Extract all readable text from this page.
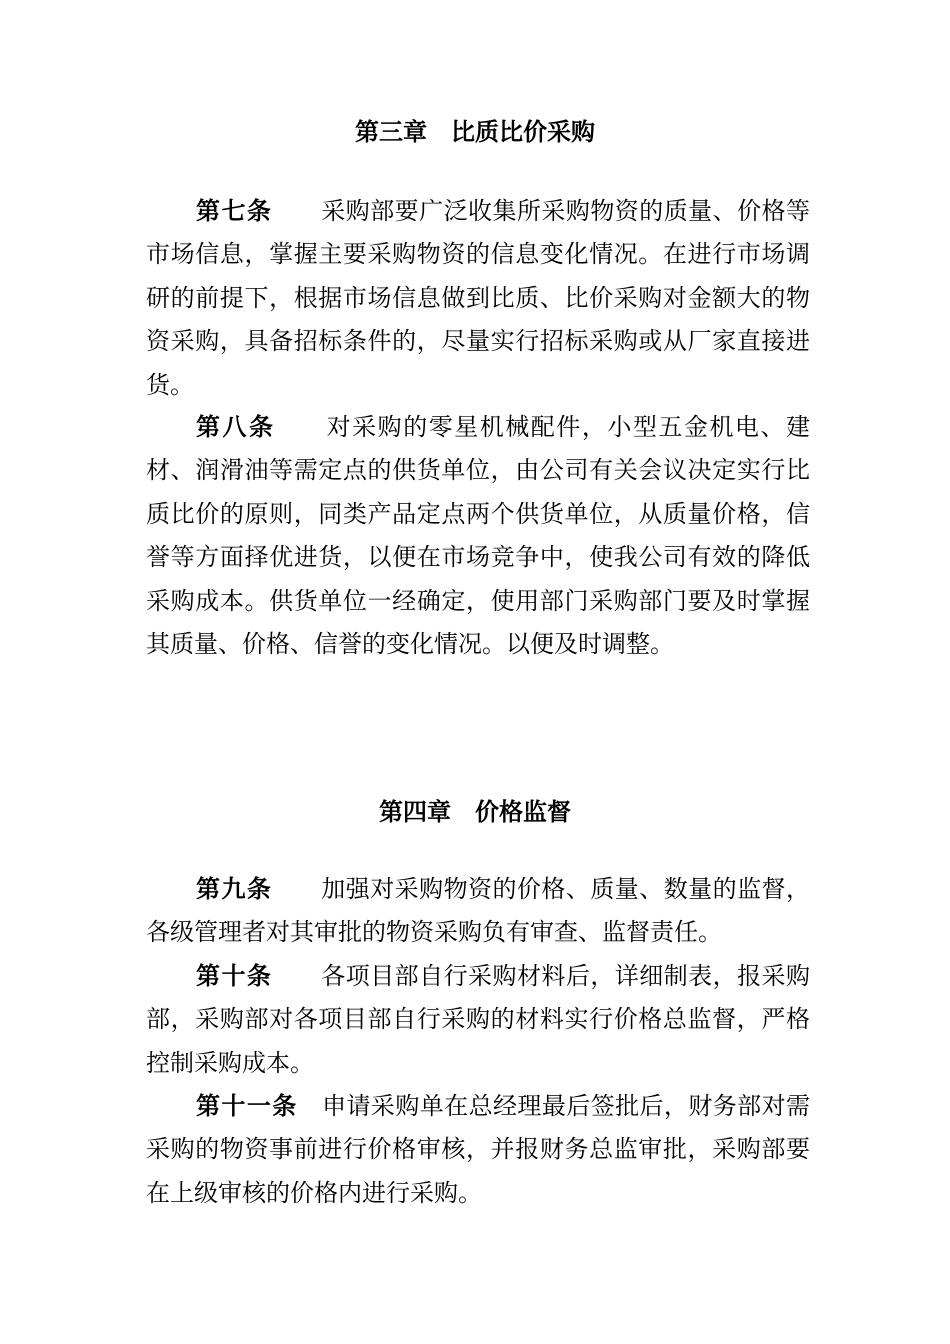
第三章　比质比价采购

第七条　　 采购部要广泛收集所采购物资的质量、价格等市场信息，掌握主要采购物资的信息变化情况。在进行市场调研的前提下，根据市场信息做到比质、比价采购对金额大的物资采购，具备招标条件的，尽量实行招标采购或从厂家直接进货。

第八条　　 对采购的零星机械配件，小型五金机电、建材、润滑油等需定点的供货单位，由公司有关会议决定实行比质比价的原则，同类产品定点两个供货单位，从质量价格，信誉等方面择优进货，以便在市场竞争中，使我公司有效的降低采购成本。供货单位一经确定，使用部门采购部门要及时掌握其质量、价格、信誉的变化情况。以便及时调整。

第四章　价格监督

第九条　　 加强对采购物资的价格、质量、数量的监督，各级管理者对其审批的物资采购负有审查、监督责任。

第十条　　 各项目部自行采购材料后，详细制表，报采购部，采购部对各项目部自行采购的材料实行价格总监督，严格控制采购成本。

第十一条　 申请采购单在总经理最后签批后，财务部对需采购的物资事前进行价格审核，并报财务总监审批，采购部要在上级审核的价格内进行采购。
